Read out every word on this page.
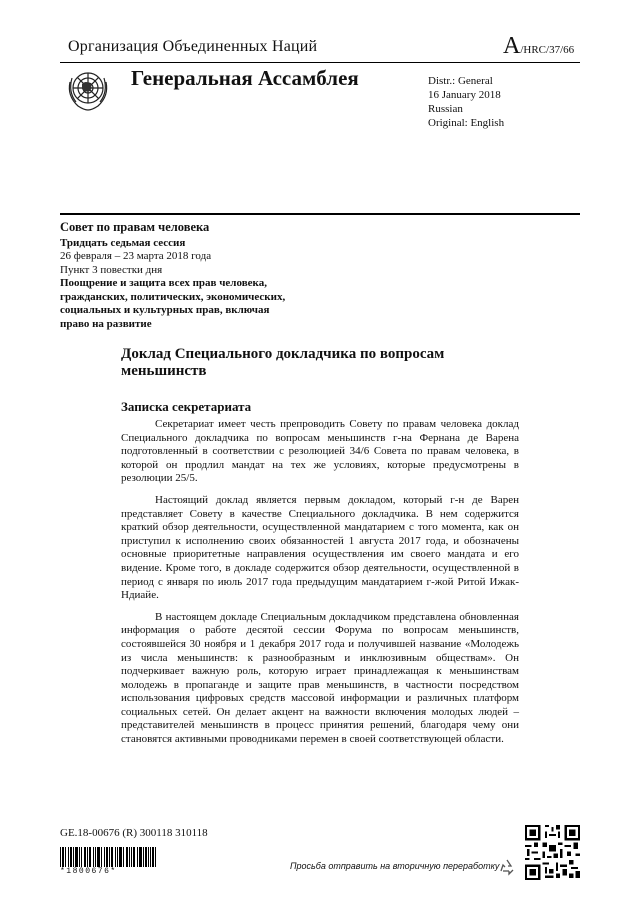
Организация Объединенных Наций	A/HRC/37/66
Генеральная Ассамблея	Distr.: General
16 January 2018
Russian
Original: English
Совет по правам человека
Тридцать седьмая сессия
26 февраля – 23 марта 2018 года
Пункт 3 повестки дня
Поощрение и защита всех прав человека, гражданских, политических, экономических, социальных и культурных прав, включая право на развитие
Доклад Специального докладчика по вопросам меньшинств
Записка секретариата

Секретариат имеет честь препроводить Совету по правам человека доклад Специального докладчика по вопросам меньшинств г-на Фернана де Варена подготовленный в соответствии с резолюцией 34/6 Совета по правам человека, в которой он продлил мандат на тех же условиях, которые предусмотрены в резолюции 25/5.

Настоящий доклад является первым докладом, который г-н де Варен представляет Совету в качестве Специального докладчика. В нем содержится краткий обзор деятельности, осуществленной мандатарием с того момента, как он приступил к исполнению своих обязанностей 1 августа 2017 года, и обозначены основные приоритетные направления осуществления им своего мандата и его видение. Кроме того, в докладе содержится обзор деятельности, осуществленной в период с января по июль 2017 года предыдущим мандатарием г-жой Ритой Ижак-Ндиайе.

В настоящем докладе Специальным докладчиком представлена обновленная информация о работе десятой сессии Форума по вопросам меньшинств, состоявшейся 30 ноября и 1 декабря 2017 года и получившей название «Молодежь из числа меньшинств: к разнообразным и инклюзивным обществам». Он подчеркивает важную роль, которую играет принадлежащая к меньшинствам молодежь в пропаганде и защите прав меньшинств, в частности посредством использования цифровых средств массовой информации и различных платформ социальных сетей. Он делает акцент на важности включения молодых людей – представителей меньшинств в процесс принятия решений, благодаря чему они становятся активными проводниками перемен в своей соответствующей области.

GE.18-00676 (R) 300118 310118
*1800676*
Просьба отправить на вторичную переработку
